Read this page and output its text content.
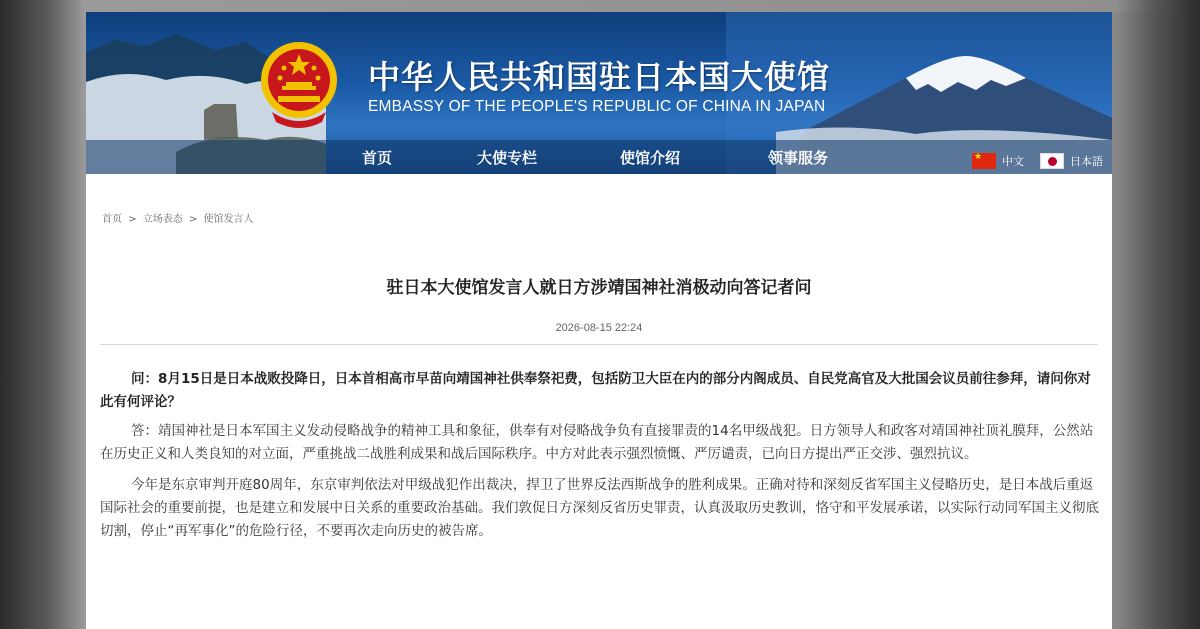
中华人民共和国驻日本国大使馆
EMBASSY OF THE PEOPLE'S REPUBLIC OF CHINA IN JAPAN
首页	大使专栏	使馆介绍	领事服务
★	中文	日本語
首页 > 立场表态 > 使馆发言人
驻日本大使馆发言人就日方涉靖国神社消极动向答记者问
2026-08-15 22:24

问：8月15日是日本战败投降日，日本首相高市早苗向靖国神社供奉祭祀费，包括防卫大臣在内的部分内阁成员、自民党高官及大批国会议员前往参拜，请问你对此有何评论？

答：靖国神社是日本军国主义发动侵略战争的精神工具和象征，供奉有对侵略战争负有直接罪责的14名甲级战犯。日方领导人和政客对靖国神社顶礼膜拜，公然站在历史正义和人类良知的对立面，严重挑战二战胜利成果和战后国际秩序。中方对此表示强烈愤慨、严厉谴责，已向日方提出严正交涉、强烈抗议。

今年是东京审判开庭80周年，东京审判依法对甲级战犯作出裁决，捍卫了世界反法西斯战争的胜利成果。正确对待和深刻反省军国主义侵略历史，是日本战后重返国际社会的重要前提，也是建立和发展中日关系的重要政治基础。我们敦促日方深刻反省历史罪责，认真汲取历史教训，恪守和平发展承诺，以实际行动同军国主义彻底切割，停止“再军事化”的危险行径，不要再次走向历史的被告席。
